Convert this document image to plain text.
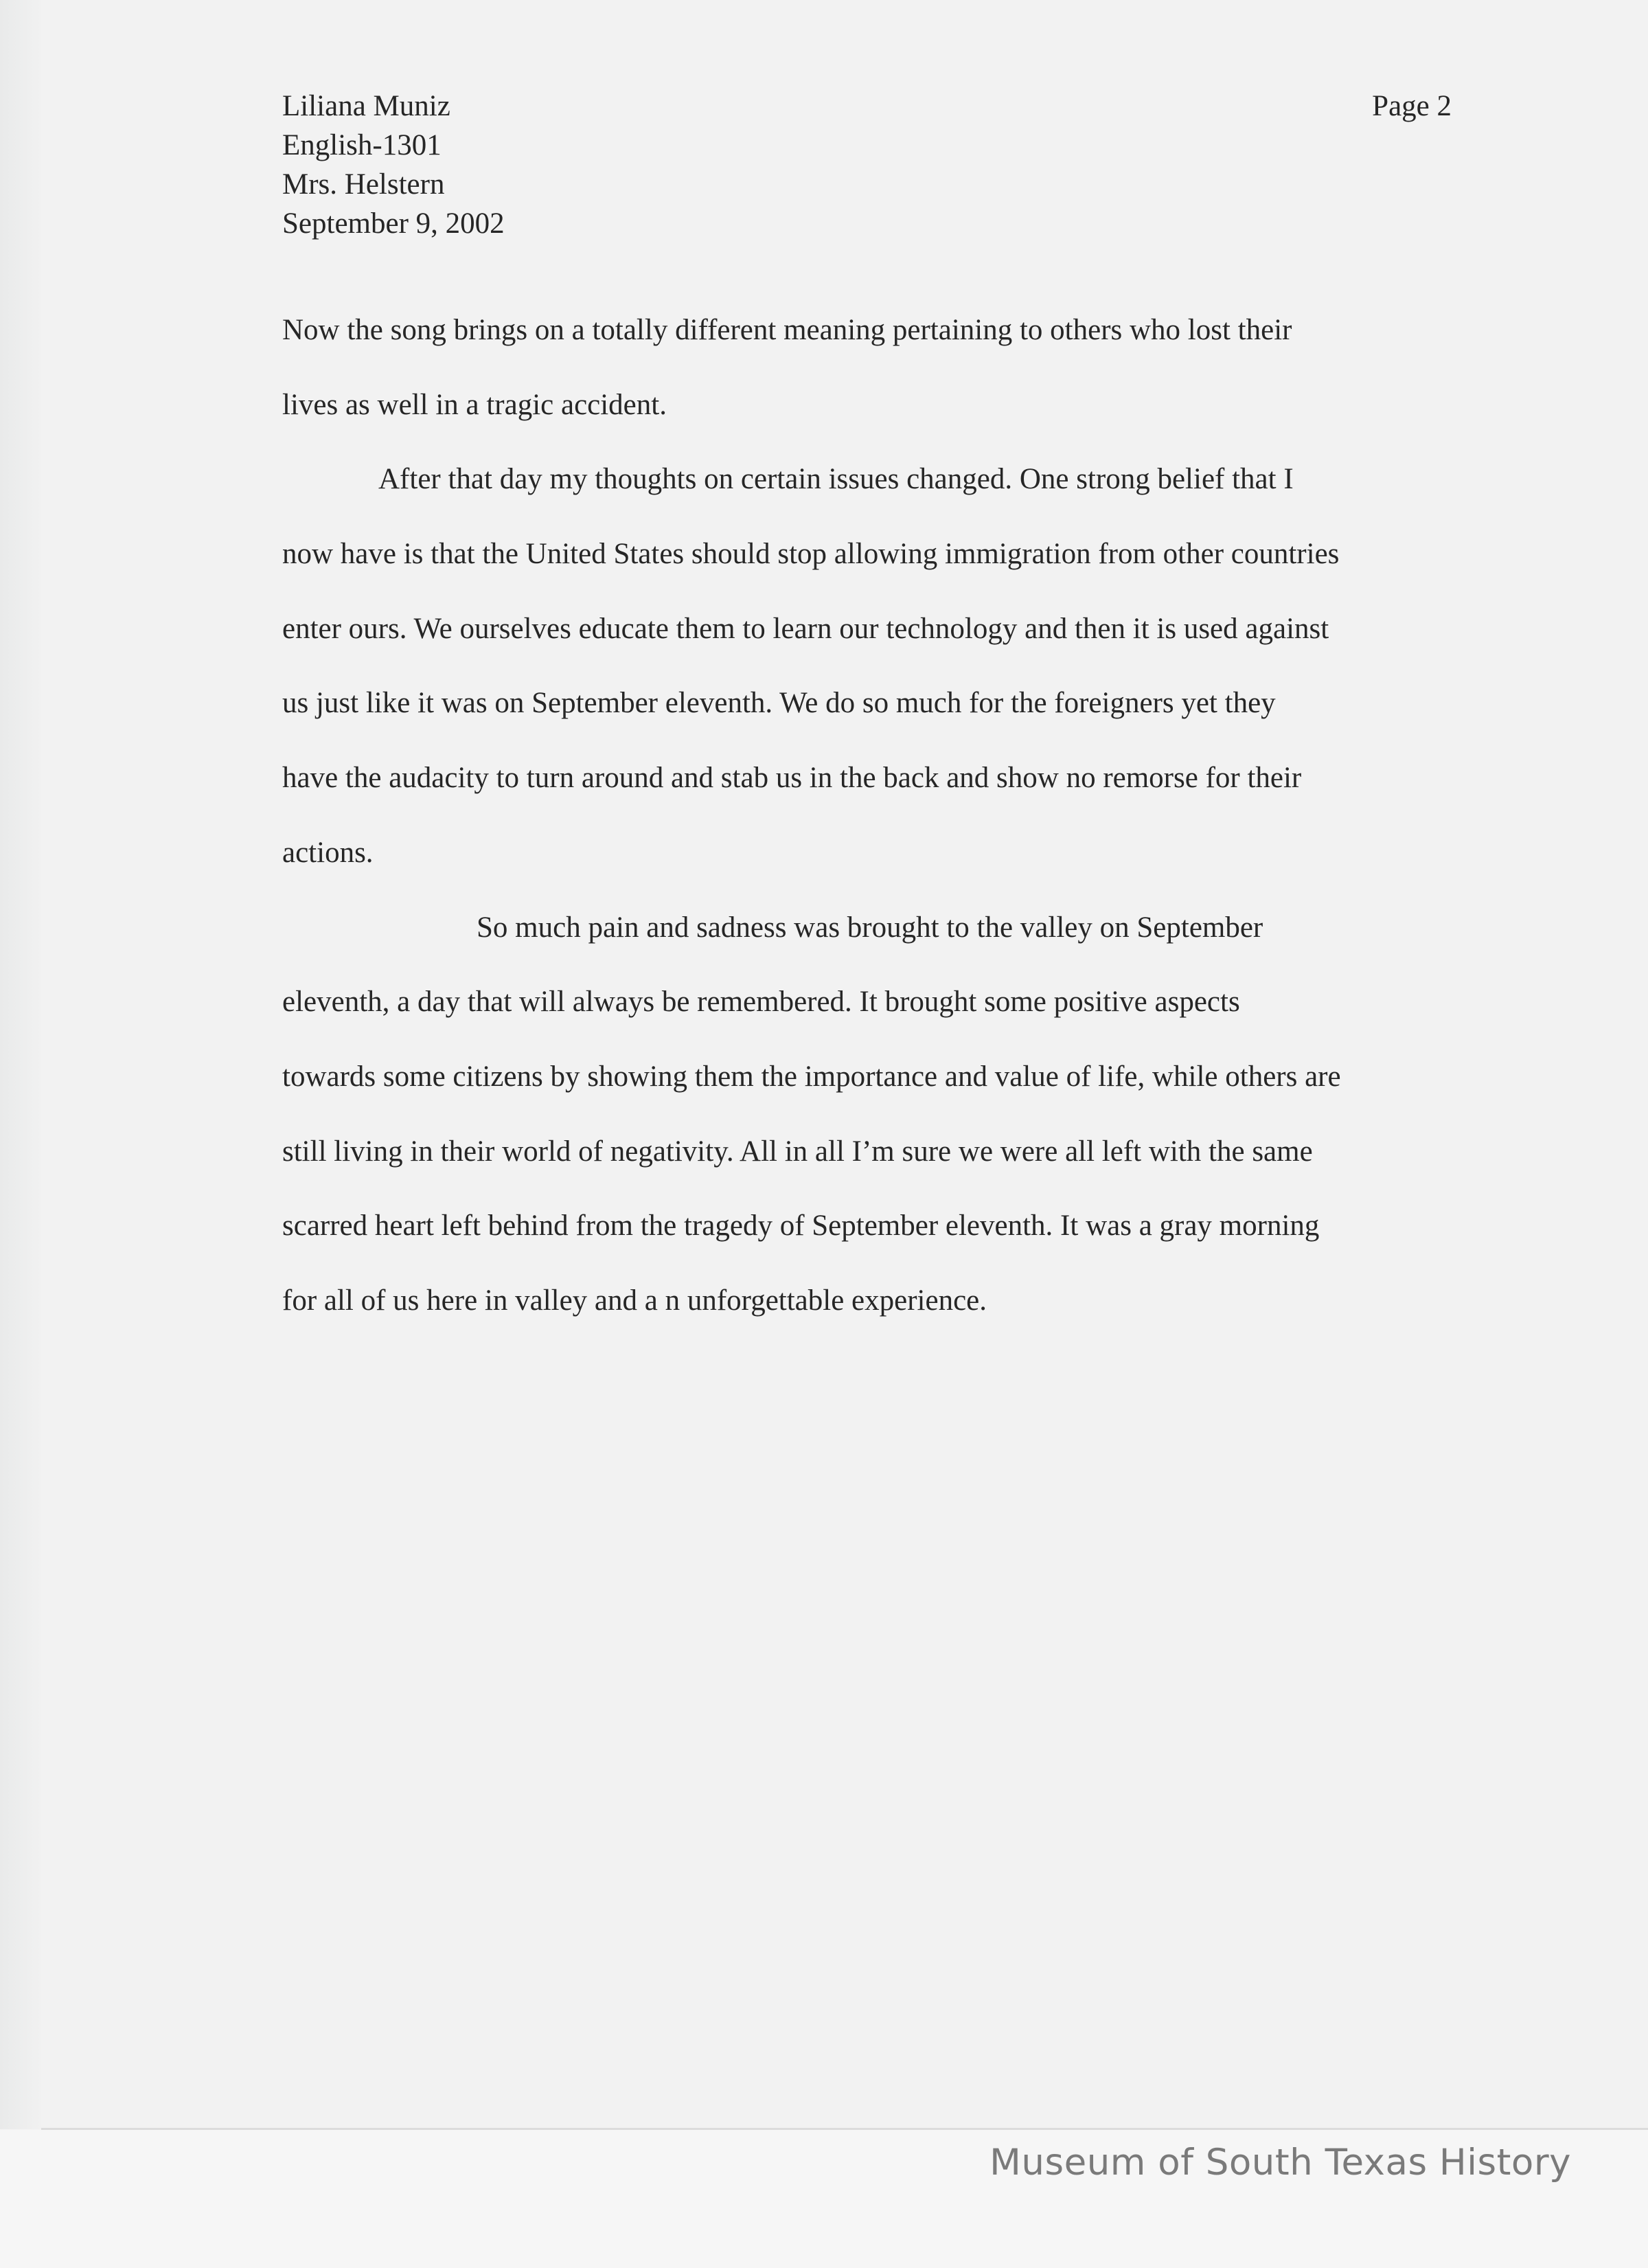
Liliana Muniz
English-1301
Mrs. Helstern
September 9, 2002
Page 2
Now the song brings on a totally different meaning pertaining to others who lost their
lives as well in a tragic accident.
After that day my thoughts on certain issues changed. One strong belief that I
now have is that the United States should stop allowing immigration from other countries
enter ours. We ourselves educate them to learn our technology and then it is used against
us just like it was on September eleventh. We do so much for the foreigners yet they
have the audacity to turn around and stab us in the back and show no remorse for their
actions.
So much pain and sadness was brought to the valley on September
eleventh, a day that will always be remembered. It brought some positive aspects
towards some citizens by showing them the importance and value of life, while others are
still living in their world of negativity. All in all I’m sure we were all left with the same
scarred heart left behind from the tragedy of September eleventh. It was a gray morning
for all of us here in valley and a n unforgettable experience.
Museum of South Texas History
